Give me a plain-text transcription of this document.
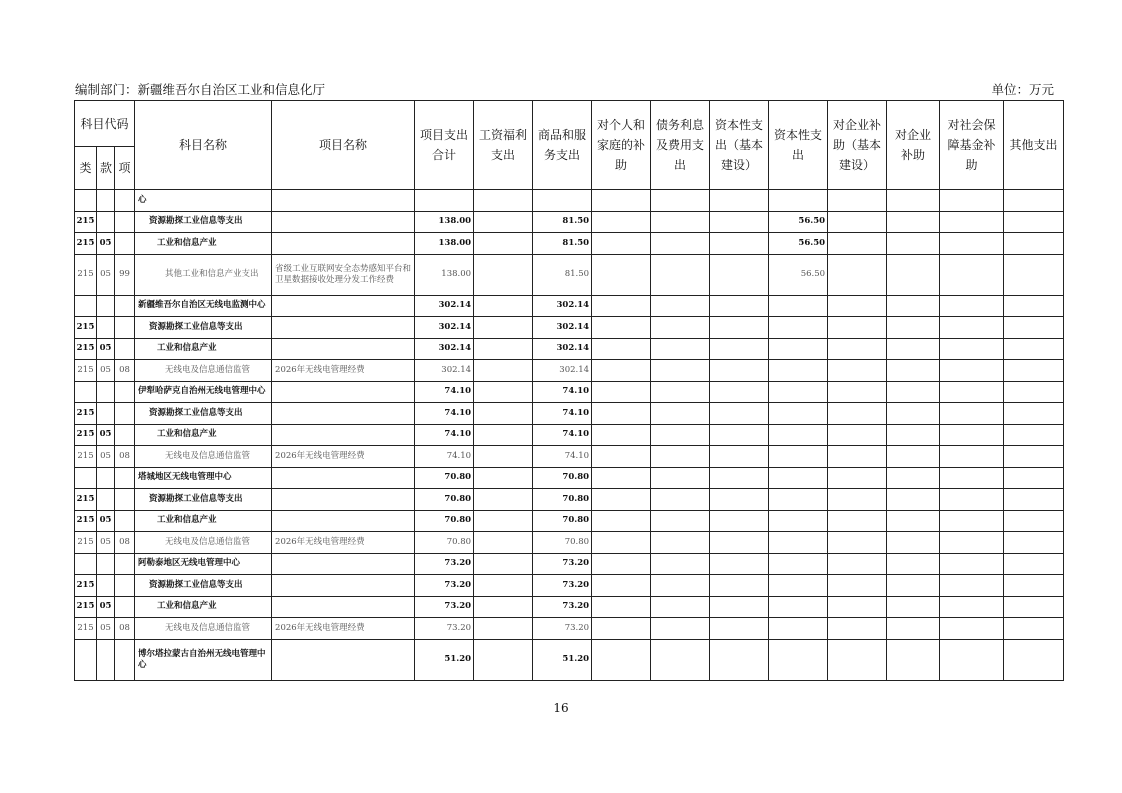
编制部门：新疆维吾尔自治区工业和信息化厅	单位：万元
科目代码			科目名称	项目名称	项目支出合计	工资福利支出	商品和服务支出	对个人和家庭的补助	债务利息及费用支出	资本性支出（基本建设）	资本性支出	对企业补助（基本建设）	对企业补助	对社会保障基金补助	其他支出
类	款	项													
			心												
215			资源勘探工业信息等支出		138.00		81.50				56.50				
215	05		工业和信息产业		138.00		81.50				56.50				
215	05	99	其他工业和信息产业支出	省级工业互联网安全态势感知平台和卫星数据接收处理分发工作经费	138.00		81.50				56.50				
			新疆维吾尔自治区无线电监测中心		302.14		302.14								
215			资源勘探工业信息等支出		302.14		302.14								
215	05		工业和信息产业		302.14		302.14								
215	05	08	无线电及信息通信监管	2026年无线电管理经费	302.14		302.14								
			伊犁哈萨克自治州无线电管理中心		74.10		74.10								
215			资源勘探工业信息等支出		74.10		74.10								
215	05		工业和信息产业		74.10		74.10								
215	05	08	无线电及信息通信监管	2026年无线电管理经费	74.10		74.10								
			塔城地区无线电管理中心		70.80		70.80								
215			资源勘探工业信息等支出		70.80		70.80								
215	05		工业和信息产业		70.80		70.80								
215	05	08	无线电及信息通信监管	2026年无线电管理经费	70.80		70.80								
			阿勒泰地区无线电管理中心		73.20		73.20								
215			资源勘探工业信息等支出		73.20		73.20								
215	05		工业和信息产业		73.20		73.20								
215	05	08	无线电及信息通信监管	2026年无线电管理经费	73.20		73.20								
			博尔塔拉蒙古自治州无线电管理中心		51.20		51.20								
16
